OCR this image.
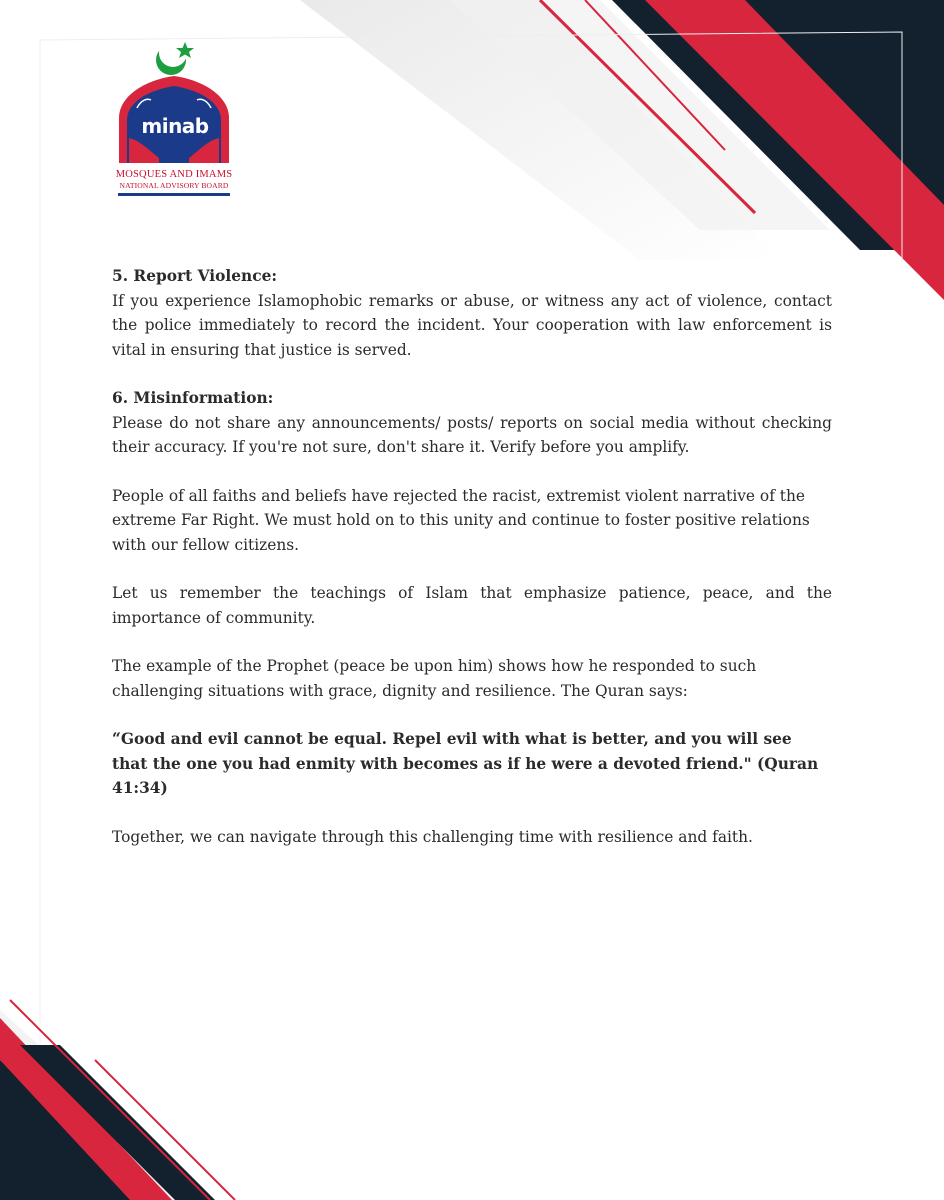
minab
MOSQUES AND IMAMS
NATIONAL ADVISORY BOARD

5. Report Violence:
If you experience Islamophobic remarks or abuse, or witness any act of violence, contact the police immediately to record the incident. Your cooperation with law enforcement is vital in ensuring that justice is served.

6. Misinformation:
Please do not share any announcements/ posts/ reports on social media without checking their accuracy. If you're not sure, don't share it. Verify before you amplify.

People of all faiths and beliefs have rejected the racist, extremist violent narrative of the extreme Far Right. We must hold on to this unity and continue to foster positive relations with our fellow citizens.

Let us remember the teachings of Islam that emphasize patience, peace, and the importance of community.

The example of the Prophet (peace be upon him) shows how he responded to such challenging situations with grace, dignity and resilience. The Quran says:

“Good and evil cannot be equal. Repel evil with what is better, and you will see that the one you had enmity with becomes as if he were a devoted friend." (Quran 41:34)

Together, we can navigate through this challenging time with resilience and faith.
